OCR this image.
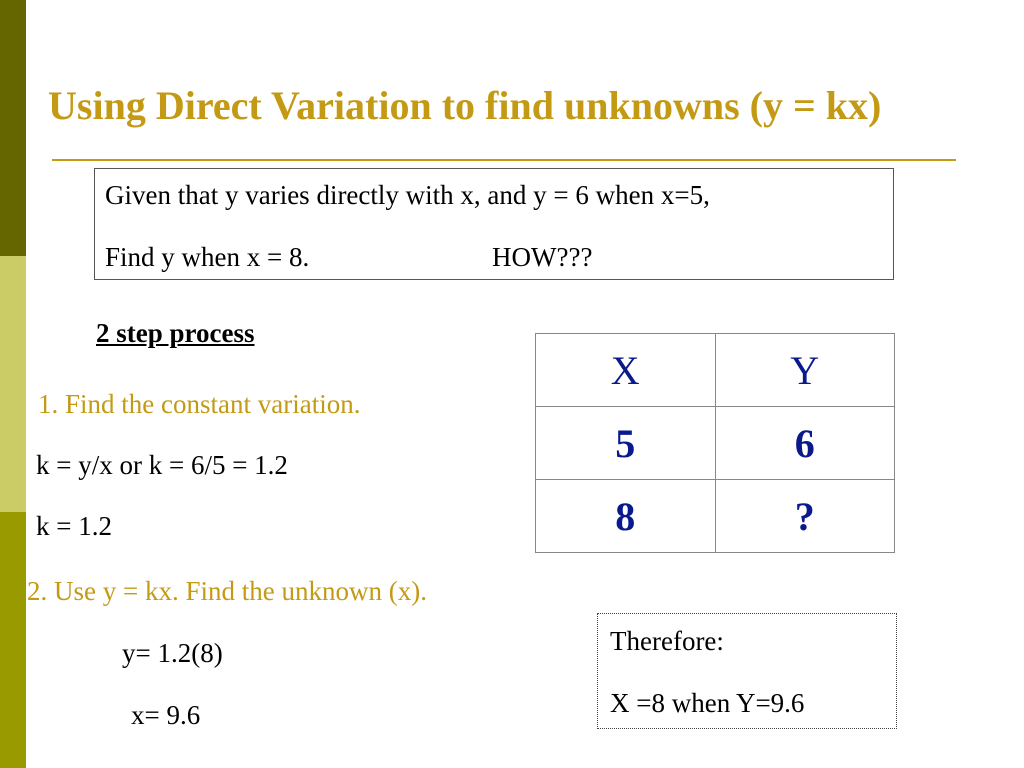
Using Direct Variation to find unknowns (y = kx)
Given that y varies directly with x, and y = 6 when x=5,
Find y when x = 8.	HOW???
2 step process
1. Find the constant variation.
k = y/x or k = 6/5 = 1.2
k = 1.2
2. Use y = kx. Find the unknown (x).
y= 1.2(8)
x= 9.6
X	Y
5	6
8	?
Therefore:
X =8 when Y=9.6
